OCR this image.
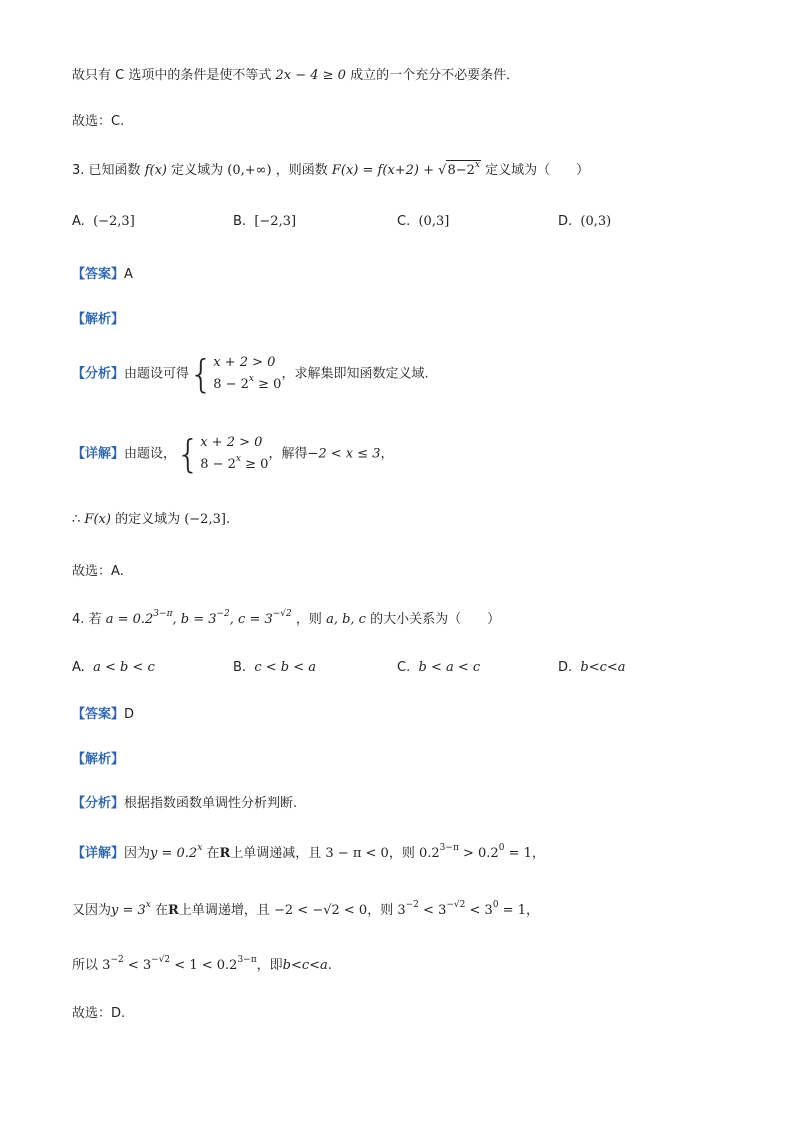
故只有 C 选项中的条件是使不等式 2x − 4 ≥ 0 成立的一个充分不必要条件．
故选：C.
3. 已知函数 f(x) 定义域为 (0,+∞) ，则函数 $F(x) = f(x+2) + √8-2^x$ 定义域为（　　）
A. (−2,3]	B. [−2,3]	C. (0,3]	D. (0,3)
【答案】A
【解析】
【分析】由题设可得{ x + 2 > 0
$8 - 2^x \ge 0$
，求解集即知函数定义域.
【详解】由题设，{ x + 2 > 0
$8 - 2^x \ge 0$
，解得−2 < x ≤ 3，
∴ F(x) 的定义域为 (−2,3].
故选：A.
4. 若 $a = 0.2^{3-\pi}$, $b = 3^{-2}$, $c = 3^{-√2}$ ，则 a, b, c 的大小关系为（　　）
A. a < b < c	B. c < b < a	C. b < a < c	D. b<c<a
【答案】D
【解析】
【分析】根据指数函数单调性分析判断.
【详解】因为$y = 0.2^x$ 在R上单调递减，且 3 − π < 0，则 $0.2^{3-\pi} > 0.2^0 = 1$，
又因为$y = 3^x$ 在R上单调递增，且 −2 < −√2 < 0，则 $3^{-2} < 3^{-√2} < 3^0 = 1$，
所以 $3^{-2} < 3^{-√2} < 1 < 0.2^{3-\pi}$，即b<c<a.
故选：D.
